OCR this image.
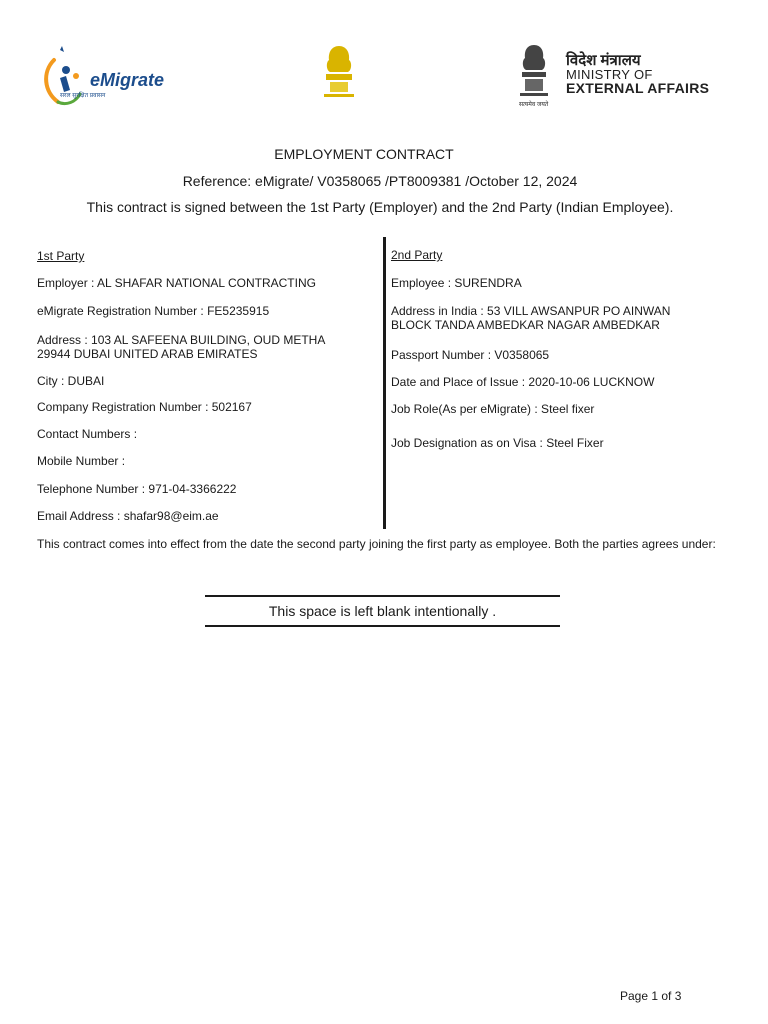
eMigrate
सरल सुरक्षित प्रवासन
सत्यमेव जयते
विदेश मंत्रालय
MINISTRY OF
EXTERNAL AFFAIRS
EMPLOYMENT CONTRACT
Reference: eMigrate/ V0358065 /PT8009381 /October 12, 2024
This contract is signed between the 1st Party (Employer) and the 2nd Party (Indian Employee).
1st Party
Employer : AL SHAFAR NATIONAL CONTRACTING
eMigrate Registration Number : FE5235915
Address : 103 AL SAFEENA BUILDING, OUD METHA
29944 DUBAI UNITED ARAB EMIRATES
City : DUBAI
Company Registration Number : 502167
Contact Numbers :
Mobile Number :
Telephone Number : 971-04-3366222
Email Address : shafar98@eim.ae
2nd Party
Employee : SURENDRA
Address in India : 53 VILL AWSANPUR PO AINWAN
BLOCK TANDA AMBEDKAR NAGAR AMBEDKAR
Passport Number : V0358065
Date and Place of Issue : 2020-10-06 LUCKNOW
Job Role(As per eMigrate) : Steel fixer
Job Designation as on Visa : Steel Fixer
This contract comes into effect from the date the second party joining the first party as employee. Both the parties agrees under:
This space is left blank intentionally .
Page 1 of 3
